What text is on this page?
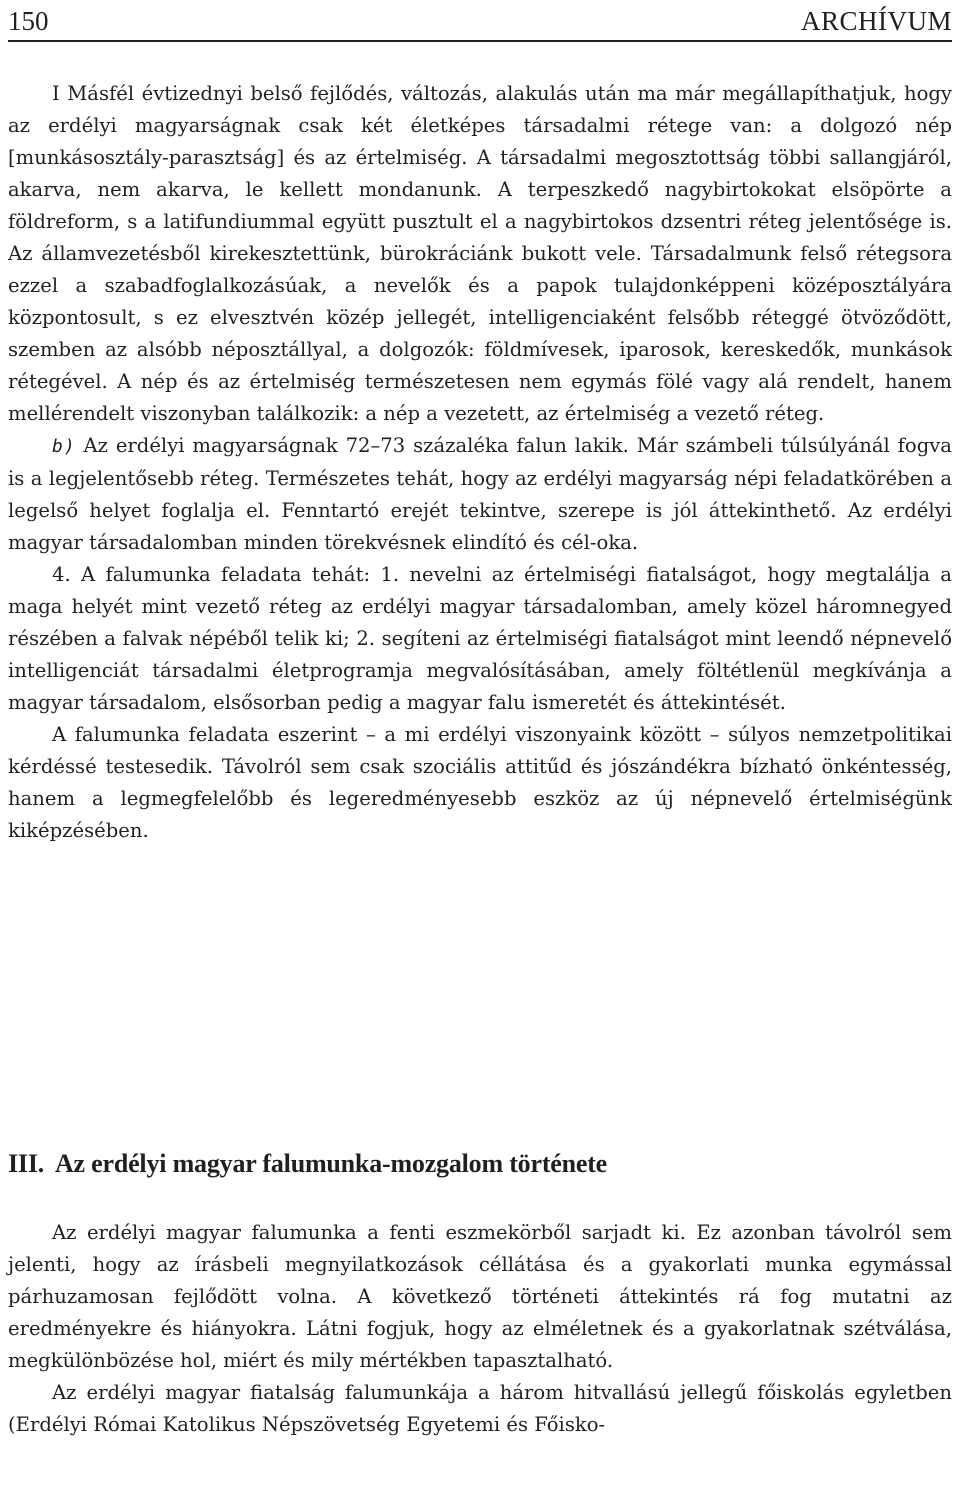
150	ARCHÍVUM

I Másfél évtizednyi belső fejlődés, változás, alakulás után ma már megállapíthatjuk, hogy az erdélyi magyarságnak csak két életképes társadalmi rétege van: a dolgozó nép [munkásosztály-parasztság] és az értelmiség. A társadalmi megosztottság többi sallangjáról, akarva, nem akarva, le kellett mondanunk. A terpeszkedő nagybirtokokat elsöpörte a földreform, s a latifundiummal együtt pusztult el a nagybirtokos dzsentri réteg jelentősége is. Az államvezetésből kirekesztettünk, bürokráciánk bukott vele. Társadalmunk felső rétegsora ezzel a szabadfoglalkozásúak, a nevelők és a papok tulajdonképpeni középosztályára központosult, s ez elvesztvén közép jellegét, intelligenciaként felsőbb réteggé ötvöződött, szemben az alsóbb néposztállyal, a dolgozók: földmívesek, iparosok, kereskedők, munkások rétegével. A nép és az értelmiség természetesen nem egymás fölé vagy alá rendelt, hanem mellérendelt viszonyban találkozik: a nép a vezetett, az értelmiség a vezető réteg.

b) Az erdélyi magyarságnak 72–73 százaléka falun lakik. Már számbeli túlsúlyánál fogva is a legjelentősebb réteg. Természetes tehát, hogy az erdélyi magyarság népi feladatkörében a legelső helyet foglalja el. Fenntartó erejét tekintve, szerepe is jól áttekinthető. Az erdélyi magyar társadalomban minden törekvésnek elindító és cél-oka.

4. A falumunka feladata tehát: 1. nevelni az értelmiségi fiatalságot, hogy megtalálja a maga helyét mint vezető réteg az erdélyi magyar társadalomban, amely közel háromnegyed részében a falvak népéből telik ki; 2. segíteni az értelmiségi fiatalságot mint leendő népnevelő intelligenciát társadalmi életprogramja megvalósításában, amely föltétlenül megkívánja a magyar társadalom, elsősorban pedig a magyar falu ismeretét és áttekintését.

A falumunka feladata eszerint – a mi erdélyi viszonyaink között – súlyos nemzetpolitikai kérdéssé testesedik. Távolról sem csak szociális attitűd és jószándékra bízható önkéntesség, hanem a legmegfelelőbb és legeredményesebb eszköz az új népnevelő értelmiségünk kiképzésében.

III. Az erdélyi magyar falumunka-mozgalom története

Az erdélyi magyar falumunka a fenti eszmekörből sarjadt ki. Ez azonban távolról sem jelenti, hogy az írásbeli megnyilatkozások céllátása és a gyakorlati munka egymással párhuzamosan fejlődött volna. A következő történeti áttekintés rá fog mutatni az eredményekre és hiányokra. Látni fogjuk, hogy az elméletnek és a gyakorlatnak szétválása, megkülönbözése hol, miért és mily mértékben tapasztalható.

Az erdélyi magyar fiatalság falumunkája a három hitvallású jellegű főiskolás egyletben (Erdélyi Római Katolikus Népszövetség Egyetemi és Főisko-
